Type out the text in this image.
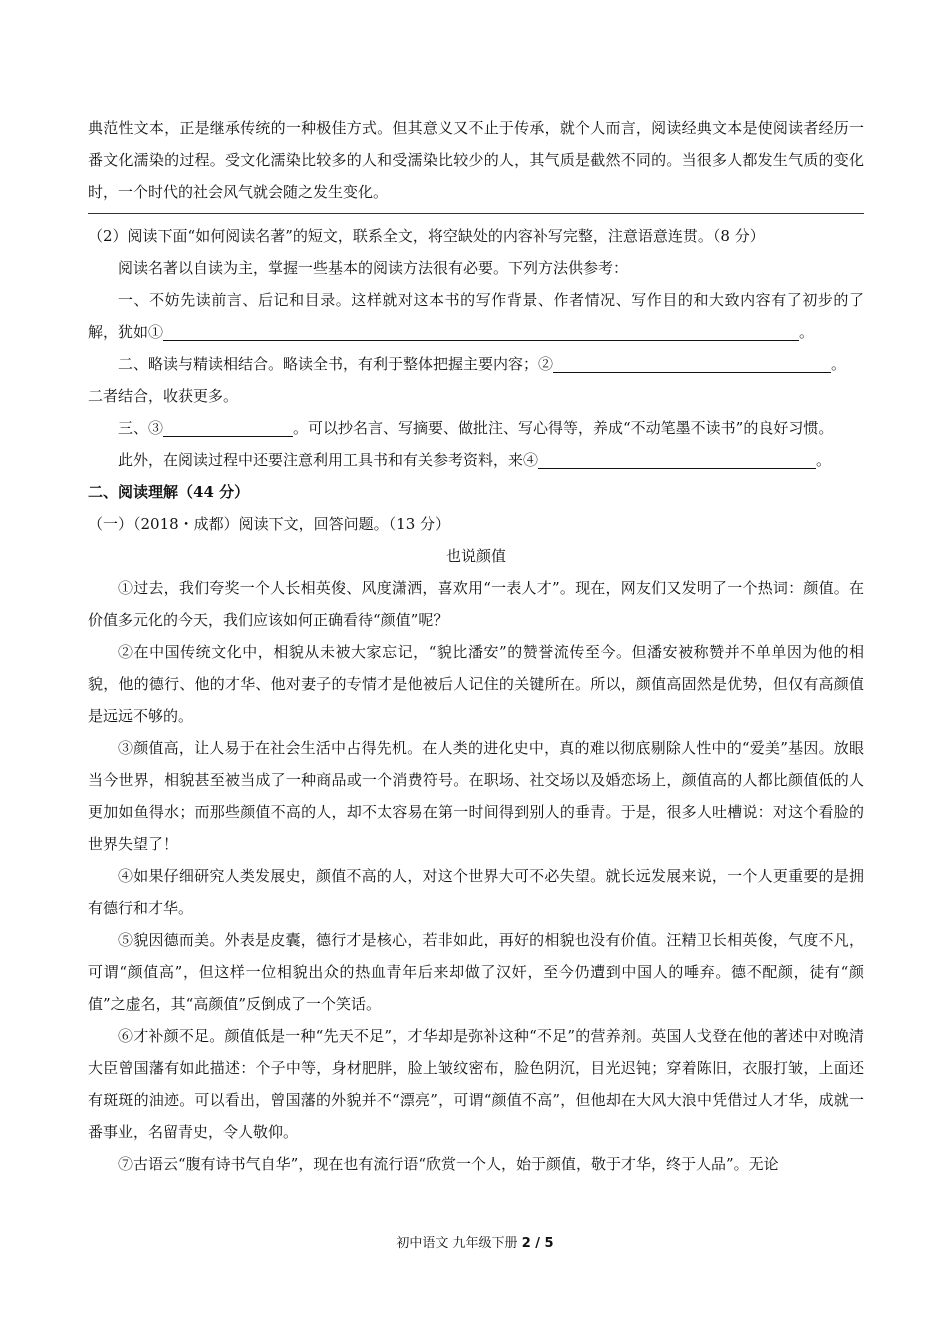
典范性文本，正是继承传统的一种极佳方式。但其意义又不止于传承，就个人而言，阅读经典文本是使阅读者经历一番文化濡染的过程。受文化濡染比较多的人和受濡染比较少的人，其气质是截然不同的。当很多人都发生气质的变化时，一个时代的社会风气就会随之发生变化。

（2）阅读下面“如何阅读名著”的短文，联系全文，将空缺处的内容补写完整，注意语意连贯。（8 分）

阅读名著以自读为主，掌握一些基本的阅读方法很有必要。下列方法供参考：

一、不妨先读前言、后记和目录。这样就对这本书的写作背景、作者情况、写作目的和大致内容有了初步的了解，犹如①	。

二、略读与精读相结合。略读全书，有利于整体把握主要内容；②	。

二者结合，收获更多。

三、③	。可以抄名言、写摘要、做批注、写心得等，养成“不动笔墨不读书”的良好习惯。

此外，在阅读过程中还要注意利用工具书和有关参考资料，来④	。

二、阅读理解（44 分）

（一）（2018・成都）阅读下文，回答问题。（13 分）

也说颜值

①过去，我们夸奖一个人长相英俊、风度潇洒，喜欢用“一表人才”。现在，网友们又发明了一个热词：颜值。在价值多元化的今天，我们应该如何正确看待“颜值”呢？

②在中国传统文化中，相貌从未被大家忘记，“貌比潘安”的赞誉流传至今。但潘安被称赞并不单单因为他的相貌，他的德行、他的才华、他对妻子的专情才是他被后人记住的关键所在。所以，颜值高固然是优势，但仅有高颜值是远远不够的。

③颜值高，让人易于在社会生活中占得先机。在人类的进化史中，真的难以彻底剔除人性中的“爱美”基因。放眼当今世界，相貌甚至被当成了一种商品或一个消费符号。在职场、社交场以及婚恋场上，颜值高的人都比颜值低的人更加如鱼得水；而那些颜值不高的人，却不太容易在第一时间得到别人的垂青。于是，很多人吐槽说：对这个看脸的世界失望了！

④如果仔细研究人类发展史，颜值不高的人，对这个世界大可不必失望。就长远发展来说，一个人更重要的是拥有德行和才华。

⑤貌因德而美。外表是皮囊，德行才是核心，若非如此，再好的相貌也没有价值。汪精卫长相英俊，气度不凡，可谓“颜值高”，但这样一位相貌出众的热血青年后来却做了汉奸，至今仍遭到中国人的唾弃。德不配颜，徒有“颜值”之虚名，其“高颜值”反倒成了一个笑话。

⑥才补颜不足。颜值低是一种“先天不足”，才华却是弥补这种“不足”的营养剂。英国人戈登在他的著述中对晚清大臣曾国藩有如此描述：个子中等，身材肥胖，脸上皱纹密布，脸色阴沉，目光迟钝；穿着陈旧，衣服打皱，上面还有斑斑的油迹。可以看出，曾国藩的外貌并不“漂亮”，可谓“颜值不高”，但他却在大风大浪中凭借过人才华，成就一番事业，名留青史，令人敬仰。

⑦古语云“腹有诗书气自华”，现在也有流行语“欣赏一个人，始于颜值，敬于才华，终于人品”。无论

初中语文 九年级下册 2 / 5
